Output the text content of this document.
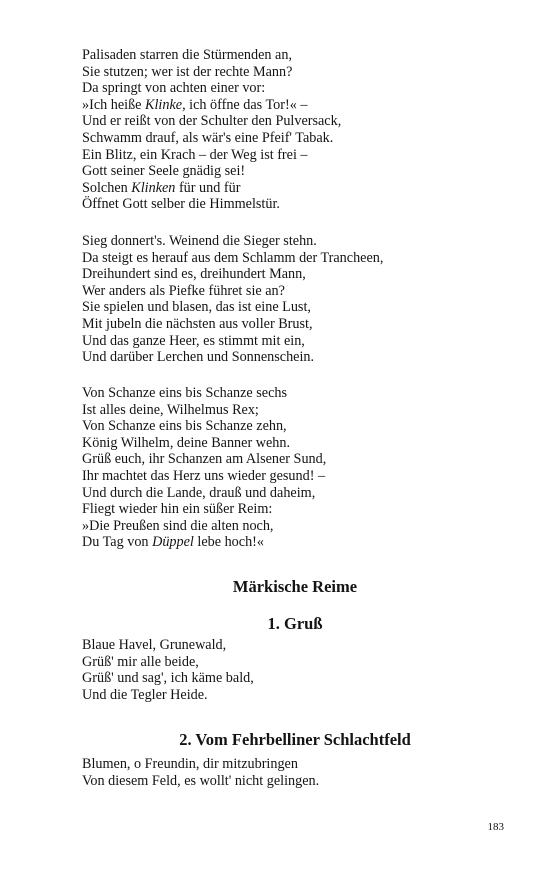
Palisaden starren die Stürmenden an,
Sie stutzen; wer ist der rechte Mann?
Da springt von achten einer vor:
»Ich heiße Klinke, ich öffne das Tor!« –
Und er reißt von der Schulter den Pulversack,
Schwamm drauf, als wär's eine Pfeif' Tabak.
Ein Blitz, ein Krach – der Weg ist frei –
Gott seiner Seele gnädig sei!
Solchen Klinken für und für
Öffnet Gott selber die Himmelstür.
Sieg donnert's. Weinend die Sieger stehn.
Da steigt es herauf aus dem Schlamm der Trancheen,
Dreihundert sind es, dreihundert Mann,
Wer anders als Piefke führet sie an?
Sie spielen und blasen, das ist eine Lust,
Mit jubeln die nächsten aus voller Brust,
Und das ganze Heer, es stimmt mit ein,
Und darüber Lerchen und Sonnenschein.
Von Schanze eins bis Schanze sechs
Ist alles deine, Wilhelmus Rex;
Von Schanze eins bis Schanze zehn,
König Wilhelm, deine Banner wehn.
Grüß euch, ihr Schanzen am Alsener Sund,
Ihr machtet das Herz uns wieder gesund! –
Und durch die Lande, drauß und daheim,
Fliegt wieder hin ein süßer Reim:
»Die Preußen sind die alten noch,
Du Tag von Düppel lebe hoch!«
Märkische Reime
1. Gruß
Blaue Havel, Grunewald,
Grüß' mir alle beide,
Grüß' und sag', ich käme bald,
Und die Tegler Heide.
2. Vom Fehrbelliner Schlachtfeld
Blumen, o Freundin, dir mitzubringen
Von diesem Feld, es wollt' nicht gelingen.
183
